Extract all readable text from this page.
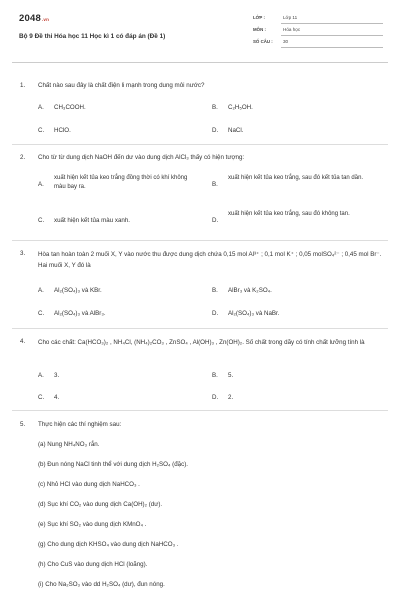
2048.vn
Bộ 9 Đề thi Hóa học 11 Học kì 1 có đáp án (Đề 1)
LỚP :	Lớp 11
MÔN :	Hóa học
SỐ CÂU : 30
1. Chất nào sau đây là chất điện li mạnh trong dung môi nước?
A. CH₃COOH.	B. C₂H₅OH.
C. HClO.	D. NaCl.
2. Cho từ từ dung dịch NaOH đến dư vào dung dịch AlCl₃ thấy có hiện tượng:
A.
xuất hiện kết tủa keo trắng đồng thời có khí không màu bay ra.	B.
xuất hiện kết tủa keo trắng, sau đó kết tủa tan dần.
C. xuất hiện kết tủa màu xanh.	D.
xuất hiện kết tủa keo trắng, sau đó không tan.
3. Hòa tan hoàn toàn 2 muối X, Y vào nước thu được dung dịch chứa 0,15 mol Al³⁺ ; 0,1 mol K⁺ ; 0,05 molSO₄²⁻ ; 0,45 mol Br⁻. Hai muối X, Y đó là
A. Al₂(SO₄)₃ và KBr.	B. AlBr₃ và K₂SO₄.
C. Al₂(SO₄)₃ và AlBr₃.	D. Al₂(SO₄)₃ và NaBr.
4. Cho các chất: Ca(HCO₃)₂ , NH₄Cl, (NH₄)₂CO₃ , ZnSO₄ , Al(OH)₃ , Zn(OH)₂. Số chất trong dãy có tính chất lưỡng tính là
A. 3.	B. 5.
C. 4.	D. 2.
5. Thực hiện các thí nghiệm sau:
(a) Nung NH₄NO₃ rắn.
(b) Đun nóng NaCl tinh thể với dung dịch H₂SO₄ (đặc).
(c) Nhỏ HCl vào dung dịch NaHCO₃ .
(d) Sục khí CO₂ vào dung dịch Ca(OH)₂ (dư).
(e) Sục khí SO₂ vào dung dịch KMnO₄ .
(g) Cho dung dịch KHSO₄ vào dung dịch NaHCO₃ .
(h) Cho CuS vào dung dịch HCl (loãng).
(i) Cho Na₂SO₃ vào dd H₂SO₄ (dư), đun nóng.
